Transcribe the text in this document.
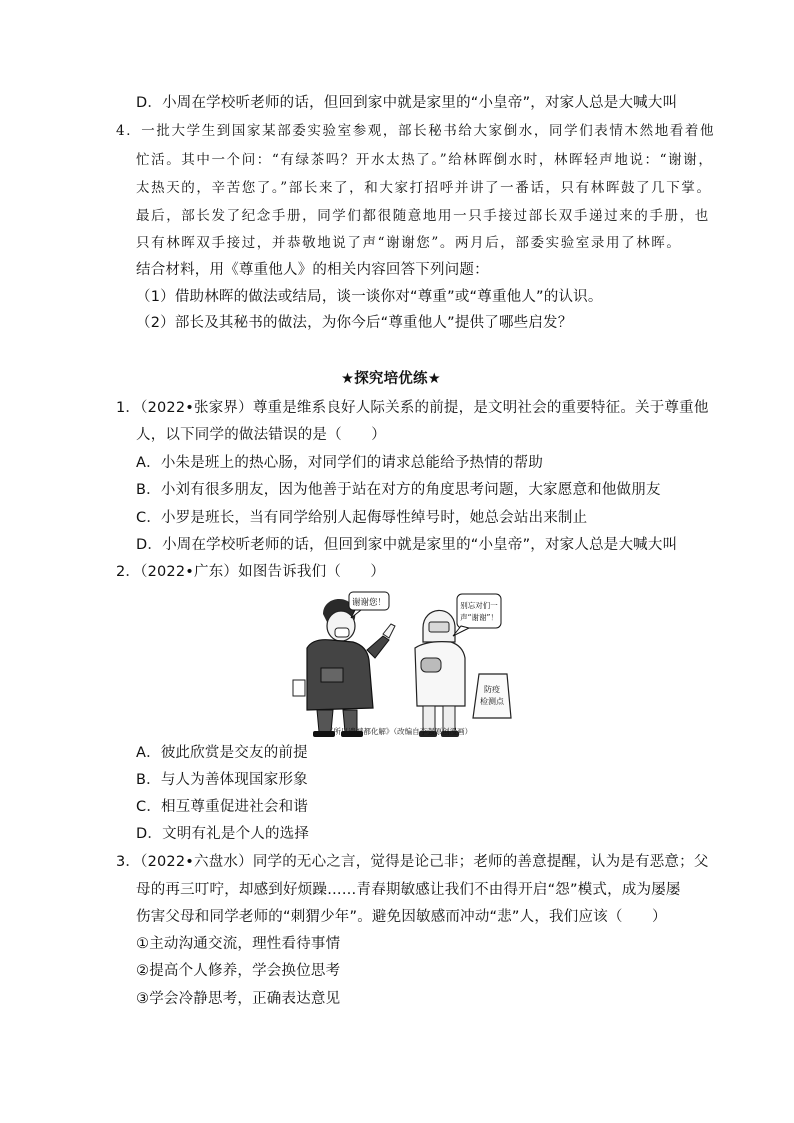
D．小周在学校听老师的话，但回到家中就是家里的“小皇帝”，对家人总是大喊大叫
4．一批大学生到国家某部委实验室参观，部长秘书给大家倒水，同学们表情木然地看着他
忙活。其中一个问：“有绿茶吗？开水太热了。”给林晖倒水时，林晖轻声地说：“谢谢，
太热天的，辛苦您了。”部长来了，和大家打招呼并讲了一番话，只有林晖鼓了几下掌。
最后，部长发了纪念手册，同学们都很随意地用一只手接过部长双手递过来的手册，也
只有林晖双手接过，并恭敬地说了声“谢谢您”。两月后，部委实验室录用了林晖。
结合材料，用《尊重他人》的相关内容回答下列问题：
（1）借助林晖的做法或结局，谈一谈你对“尊重”或“尊重他人”的认识。
（2）部长及其秘书的做法，为你今后“尊重他人”提供了哪些启发？
★探究培优练★
1．（2022•张家界）尊重是维系良好人际关系的前提，是文明社会的重要特征。关于尊重他
人，以下同学的做法错误的是（　　）
A．小朱是班上的热心肠，对同学们的请求总能给予热情的帮助
B．小刘有很多朋友，因为他善于站在对方的角度思考问题，大家愿意和他做朋友
C．小罗是班长，当有同学给别人起侮辱性绰号时，她总会站出来制止
D．小周在学校听老师的话，但回到家中就是家里的“小皇帝”，对家人总是大喊大叫
2．（2022•广东）如图告诉我们（　　）
谢谢您！	别忘对们一
声“谢谢”！
防疫
检测点
《所以遗憾都化解》（改编自李强原创漫画）
A．彼此欣赏是交友的前提
B．与人为善体现国家形象
C．相互尊重促进社会和谐
D．文明有礼是个人的选择
3．（2022•六盘水）同学的无心之言，觉得是论己非；老师的善意提醒，认为是有恶意；父
母的再三叮咛，却感到好烦躁……青春期敏感让我们不由得开启“怨”模式，成为屡屡
伤害父母和同学老师的“刺猬少年”。避免因敏感而冲动“悲”人，我们应该（　　）
①主动沟通交流，理性看待事情
②提高个人修养，学会换位思考
③学会冷静思考，正确表达意见
